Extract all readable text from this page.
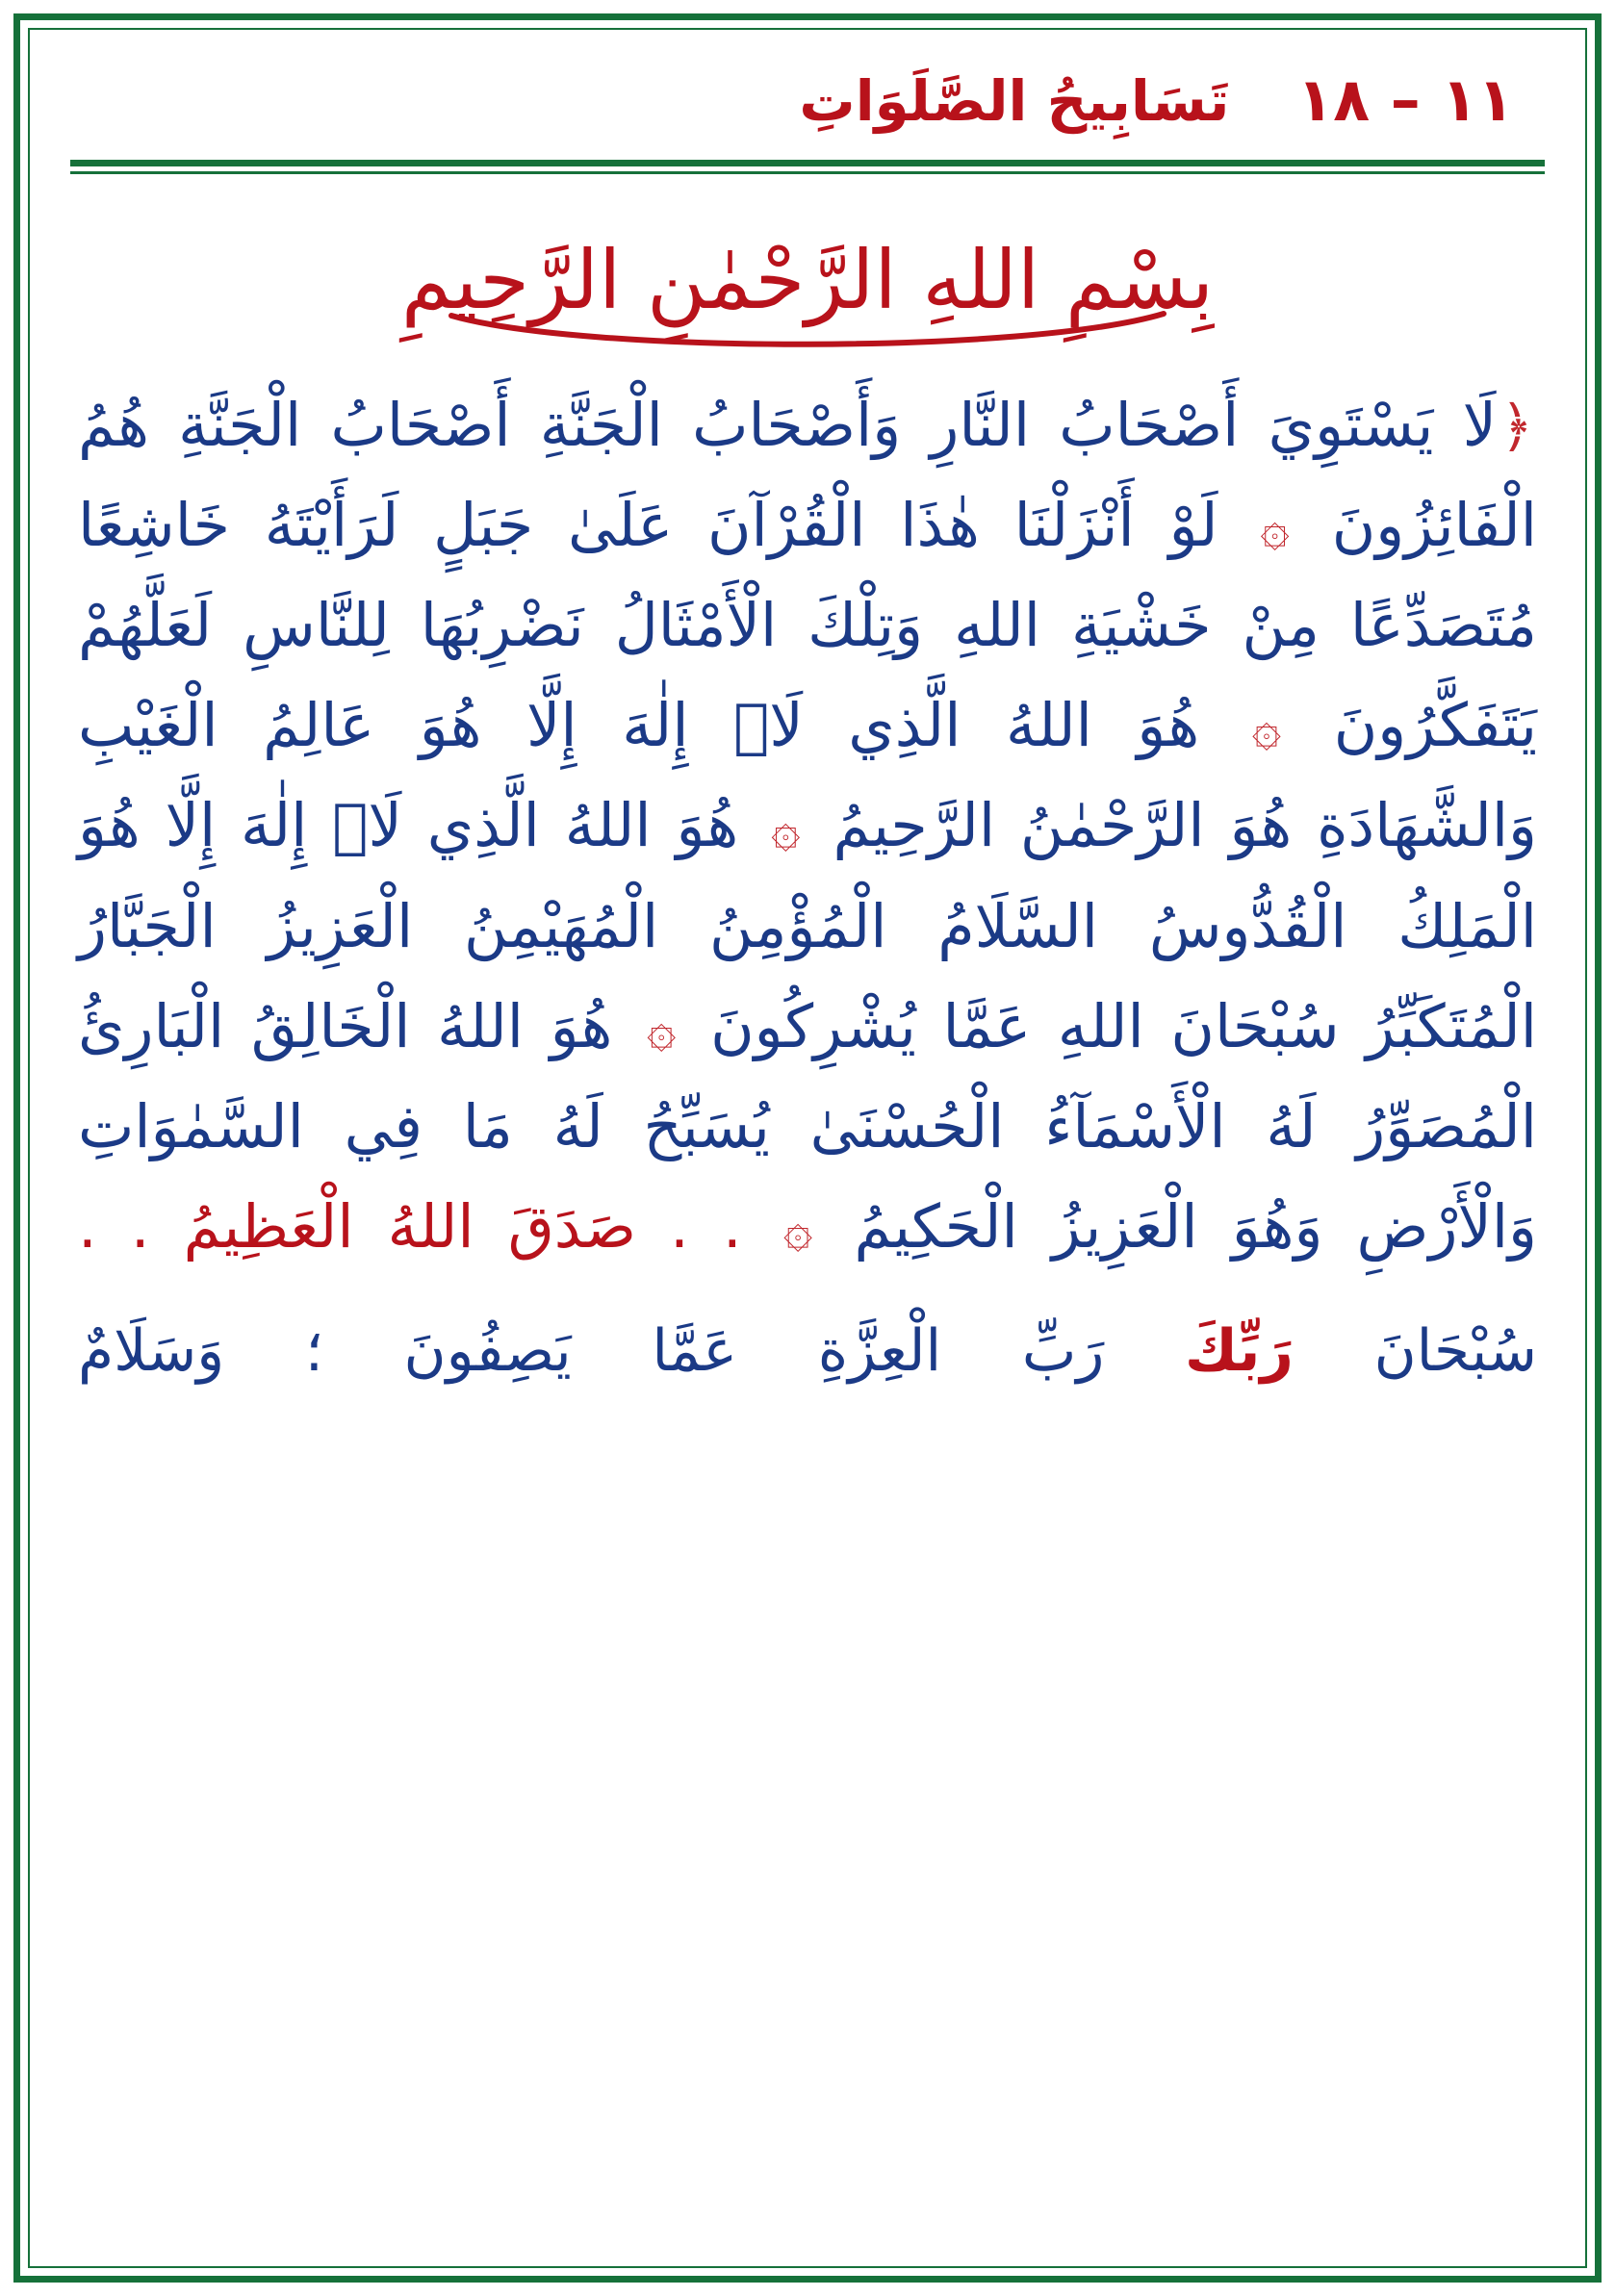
١١ – ١٨
تَسَابِيحُ الصَّلَوَاتِ
بِسْمِ اللهِ الرَّحْمٰنِ الرَّحِيمِ
﴿لَا يَسْتَوِيَ أَصْحَابُ النَّارِ وَأَصْحَابُ الْجَنَّةِ أَصْحَابُ الْجَنَّةِ هُمُ الْفَائِزُونَ ۞ لَوْ أَنْزَلْنَا هٰذَا الْقُرْآنَ عَلَىٰ جَبَلٍ لَرَأَيْتَهُ خَاشِعًا مُتَصَدِّعًا مِنْ خَشْيَةِ اللهِ وَتِلْكَ الْأَمْثَالُ نَضْرِبُهَا لِلنَّاسِ لَعَلَّهُمْ يَتَفَكَّرُونَ ۞ هُوَ اللهُ الَّذِي لَاۤ إِلٰهَ إِلَّا هُوَ عَالِمُ الْغَيْبِ وَالشَّهَادَةِ هُوَ الرَّحْمٰنُ الرَّحِيمُ ۞ هُوَ اللهُ الَّذِي لَاۤ إِلٰهَ إِلَّا هُوَ الْمَلِكُ الْقُدُّوسُ السَّلَامُ الْمُؤْمِنُ الْمُهَيْمِنُ الْعَزِيزُ الْجَبَّارُ الْمُتَكَبِّرُ سُبْحَانَ اللهِ عَمَّا يُشْرِكُونَ ۞ هُوَ اللهُ الْخَالِقُ الْبَارِئُ الْمُصَوِّرُ لَهُ الْأَسْمَآءُ الْحُسْنَىٰ يُسَبِّحُ لَهُ مَا فِي السَّمٰوَاتِ وَالْأَرْضِ وَهُوَ الْعَزِيزُ الْحَكِيمُ ۞ . . صَدَقَ اللهُ الْعَظِيمُ . .
سُبْحَانَ رَبِّكَ رَبِّ الْعِزَّةِ عَمَّا يَصِفُونَ ؛ وَسَلَامٌ
